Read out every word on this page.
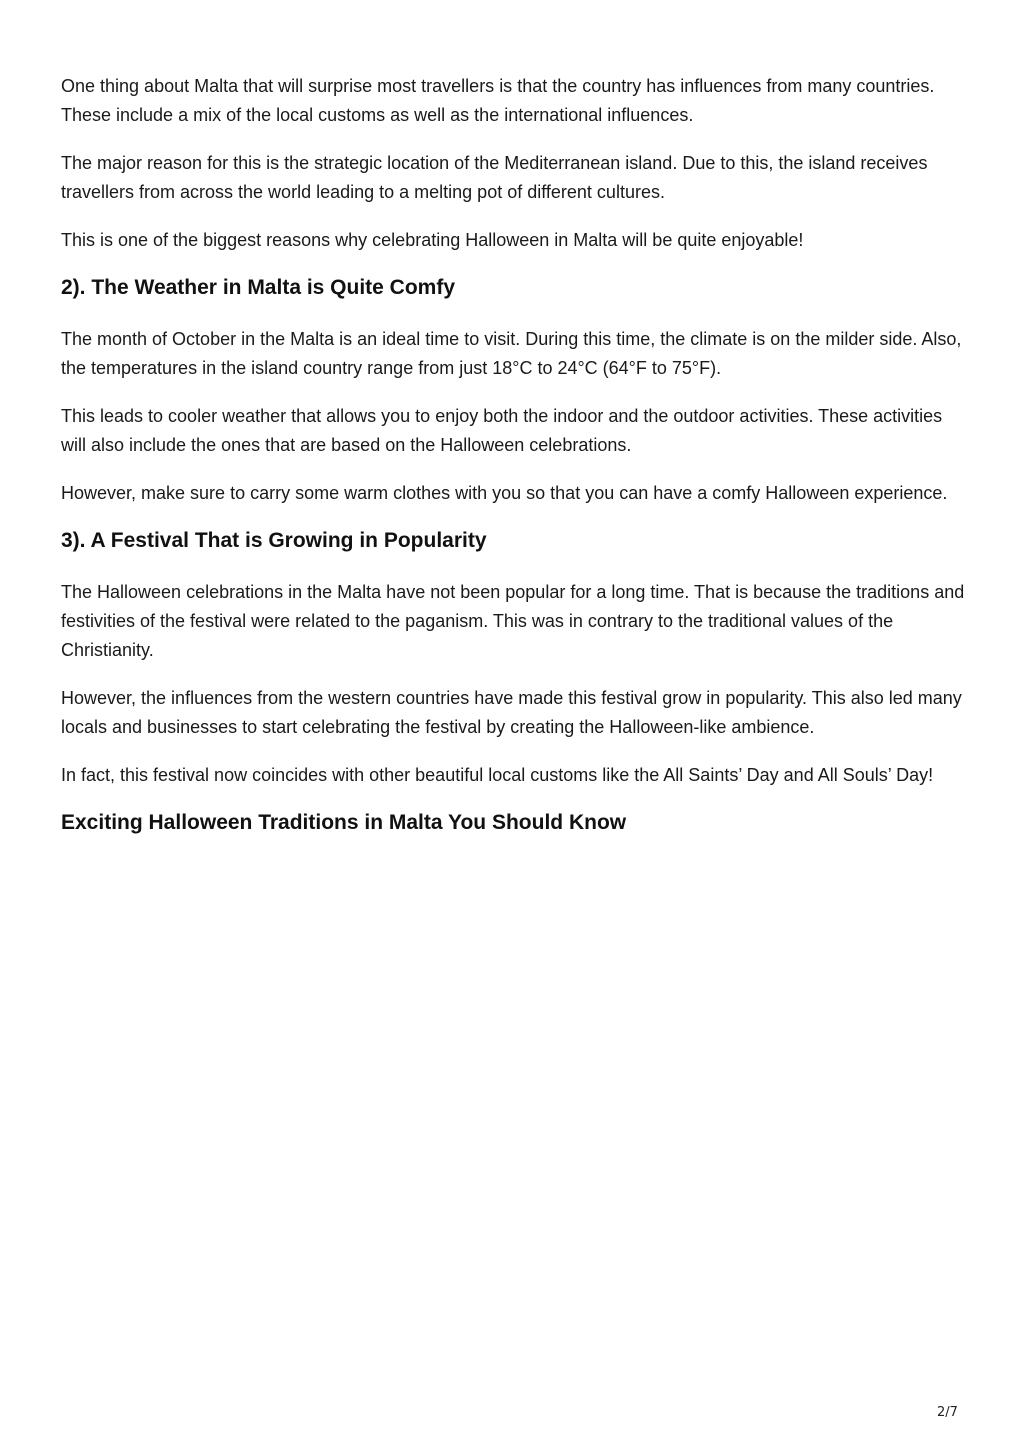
One thing about Malta that will surprise most travellers is that the country has influences from many countries. These include a mix of the local customs as well as the international influences.

The major reason for this is the strategic location of the Mediterranean island. Due to this, the island receives travellers from across the world leading to a melting pot of different cultures.

This is one of the biggest reasons why celebrating Halloween in Malta will be quite enjoyable!

2). The Weather in Malta is Quite Comfy

The month of October in the Malta is an ideal time to visit. During this time, the climate is on the milder side. Also, the temperatures in the island country range from just 18°C to 24°C (64°F to 75°F).

This leads to cooler weather that allows you to enjoy both the indoor and the outdoor activities. These activities will also include the ones that are based on the Halloween celebrations.

However, make sure to carry some warm clothes with you so that you can have a comfy Halloween experience.

3). A Festival That is Growing in Popularity

The Halloween celebrations in the Malta have not been popular for a long time. That is because the traditions and festivities of the festival were related to the paganism. This was in contrary to the traditional values of the Christianity.

However, the influences from the western countries have made this festival grow in popularity. This also led many locals and businesses to start celebrating the festival by creating the Halloween-like ambience.

In fact, this festival now coincides with other beautiful local customs like the All Saints’ Day and All Souls’ Day!

Exciting Halloween Traditions in Malta You Should Know
2/7
